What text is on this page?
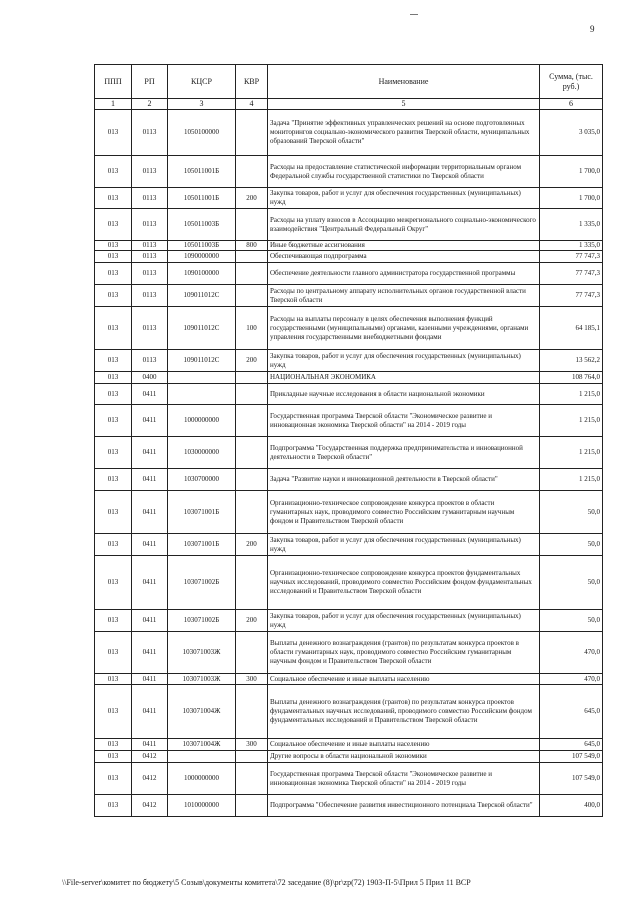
9
ППП	РП	КЦСР	КВР	Наименование	Сумма, (тыс. руб.)
1	2	3	4	5	6
013	0113	1050100000		Задача "Принятие эффективных управленческих решений на основе подготовленных мониторингов социально-экономического развития Тверской области, муниципальных образований Тверской области"	3 035,0
013	0113	105011001Б		Расходы на предоставление статистической информации территориальным органом Федеральной службы государственной статистики по Тверской области	1 700,0
013	0113	105011001Б	200	Закупка товаров, работ и услуг для обеспечения государственных (муниципальных) нужд	1 700,0
013	0113	105011003Б		Расходы на уплату взносов в Ассоциацию межрегионального социально-экономического взаимодействия "Центральный Федеральный Округ"	1 335,0
013	0113	105011003Б	800	Иные бюджетные ассигнования	1 335,0
013	0113	1090000000		Обеспечивающая подпрограмма	77 747,3
013	0113	1090100000		Обеспечение деятельности главного администратора государственной программы	77 747,3
013	0113	109011012С		Расходы по центральному аппарату исполнительных органов государственной власти Тверской области	77 747,3
013	0113	109011012С	100	Расходы на выплаты персоналу в целях обеспечения выполнения функций государственными (муниципальными) органами, казенными учреждениями, органами управления государственными внебюджетными фондами	64 185,1
013	0113	109011012С	200	Закупка товаров, работ и услуг для обеспечения государственных (муниципальных) нужд	13 562,2
013	0400			НАЦИОНАЛЬНАЯ ЭКОНОМИКА	108 764,0
013	0411			Прикладные научные исследования в области национальной экономики	1 215,0
013	0411	1000000000		Государственная программа Тверской области "Экономическое развитие и инновационная экономика Тверской области" на 2014 - 2019 годы	1 215,0
013	0411	1030000000		Подпрограмма "Государственная поддержка предпринимательства и инновационной деятельности в Тверской области"	1 215,0
013	0411	1030700000		Задача "Развитие науки и инновационной деятельности в Тверской области"	1 215,0
013	0411	103071001Б		Организационно-техническое сопровождение конкурса проектов в области гуманитарных наук, проводимого совместно Российским гуманитарным научным фондом и Правительством Тверской области	50,0
013	0411	103071001Б	200	Закупка товаров, работ и услуг для обеспечения государственных (муниципальных) нужд	50,0
013	0411	103071002Б		Организационно-техническое сопровождение конкурса проектов фундаментальных научных исследований, проводимого совместно Российским фондом фундаментальных исследований и Правительством Тверской области	50,0
013	0411	103071002Б	200	Закупка товаров, работ и услуг для обеспечения государственных (муниципальных) нужд	50,0
013	0411	103071003Ж		Выплаты денежного вознаграждения (грантов) по результатам конкурса проектов в области гуманитарных наук, проводимого совместно Российским гуманитарным научным фондом и Правительством Тверской области	470,0
013	0411	103071003Ж	300	Социальное обеспечение и иные выплаты населению	470,0
013	0411	103071004Ж		Выплаты денежного вознаграждения (грантов) по результатам конкурса проектов фундаментальных научных исследований, проводимого совместно Российским фондом фундаментальных исследований и Правительством Тверской области	645,0
013	0411	103071004Ж	300	Социальное обеспечение и иные выплаты населению	645,0
013	0412			Другие вопросы в области национальной экономики	107 549,0
013	0412	1000000000		Государственная программа Тверской области "Экономическое развитие и инновационная экономика Тверской области" на 2014 - 2019 годы	107 549,0
013	0412	1010000000		Подпрограмма "Обеспечение развития инвестиционного потенциала Тверской области"	400,0
\\File-server\комитет по бюджету\5 Созыв\документы комитета\72 заседание (8)\pr\zp(72) 1903-П-5\Прил 5 Прил 11 ВСР
